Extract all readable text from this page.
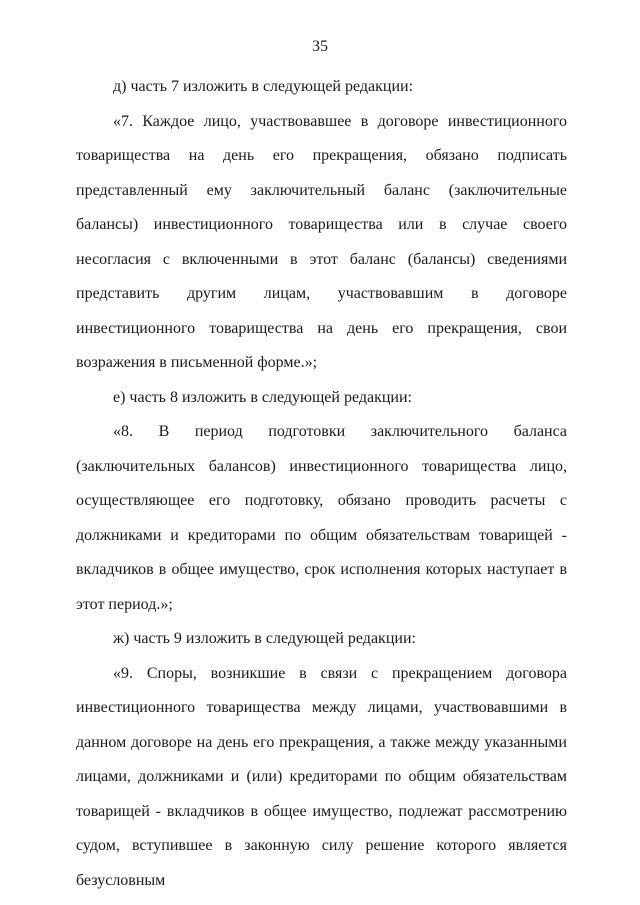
35

д) часть 7 изложить в следующей редакции:

«7. Каждое лицо, участвовавшее в договоре инвестиционного товарищества на день его прекращения, обязано подписать представленный ему заключительный баланс (заключительные балансы) инвестиционного товарищества или в случае своего несогласия с включенными в этот баланс (балансы) сведениями представить другим лицам, участвовавшим в договоре инвестиционного товарищества на день его прекращения, свои возражения в письменной форме.»;

е) часть 8 изложить в следующей редакции:

«8. В период подготовки заключительного баланса (заключительных балансов) инвестиционного товарищества лицо, осуществляющее его подготовку, обязано проводить расчеты с должниками и кредиторами по общим обязательствам товарищей - вкладчиков в общее имущество, срок исполнения которых наступает в этот период.»;

ж) часть 9 изложить в следующей редакции:

«9. Споры, возникшие в связи с прекращением договора инвестиционного товарищества между лицами, участвовавшими в данном договоре на день его прекращения, а также между указанными лицами, должниками и (или) кредиторами по общим обязательствам товарищей - вкладчиков в общее имущество, подлежат рассмотрению судом, вступившее в законную силу решение которого является безусловным
